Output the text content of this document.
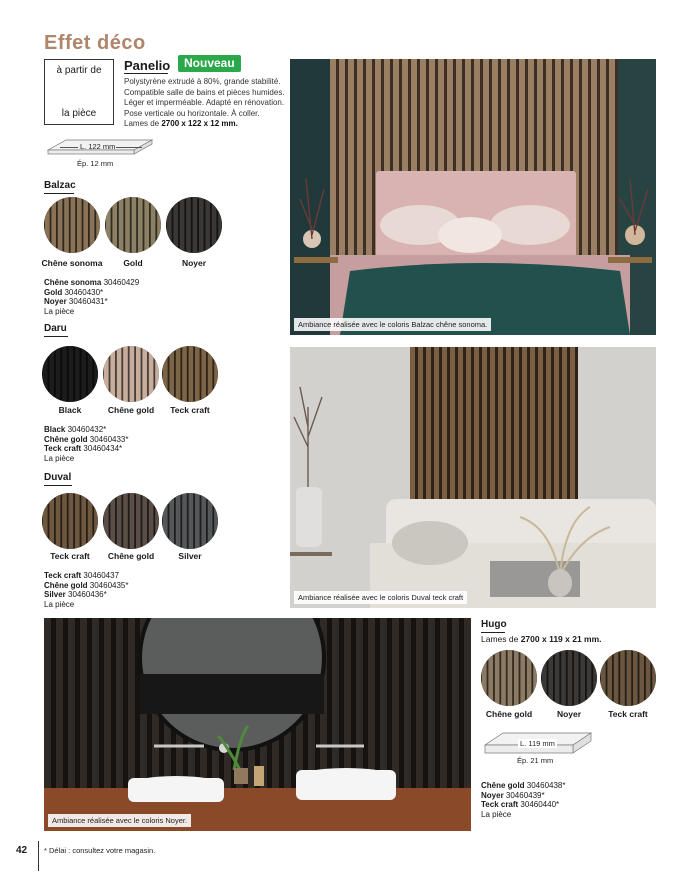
Effet déco
à partir de
la pièce
Panelio	Nouveau
Polystyrène extrudé à 80%, grande stabilité.
Compatible salle de bains et pièces humides.
Léger et imperméable. Adapté en rénovation.
Pose verticale ou horizontale. À coller.
Lames de 2700 x 122 x 12 mm.
L. 122 mm
Ép. 12 mm
Balzac
Chêne sonoma	Gold	Noyer
Chêne sonoma 30460429
Gold 30460430*
Noyer 30460431*
La pièce
Daru
Black	Chêne gold	Teck craft
Black 30460432*
Chêne gold 30460433*
Teck craft 30460434*
La pièce
Duval
Teck craft	Chêne gold	Silver
Teck craft 30460437
Chêne gold 30460435*
Silver 30460436*
La pièce
Ambiance réalisée avec le coloris Balzac chêne sonoma.
Ambiance réalisée avec le coloris Duval teck craft
Ambiance réalisée avec le coloris Noyer.
Hugo
Lames de 2700 x 119 x 21 mm.
Chêne gold	Noyer	Teck craft
L. 119 mm
Ép. 21 mm
Chêne gold 30460438*
Noyer 30460439*
Teck craft 30460440*
La pièce
42 * Délai : consultez votre magasin.
